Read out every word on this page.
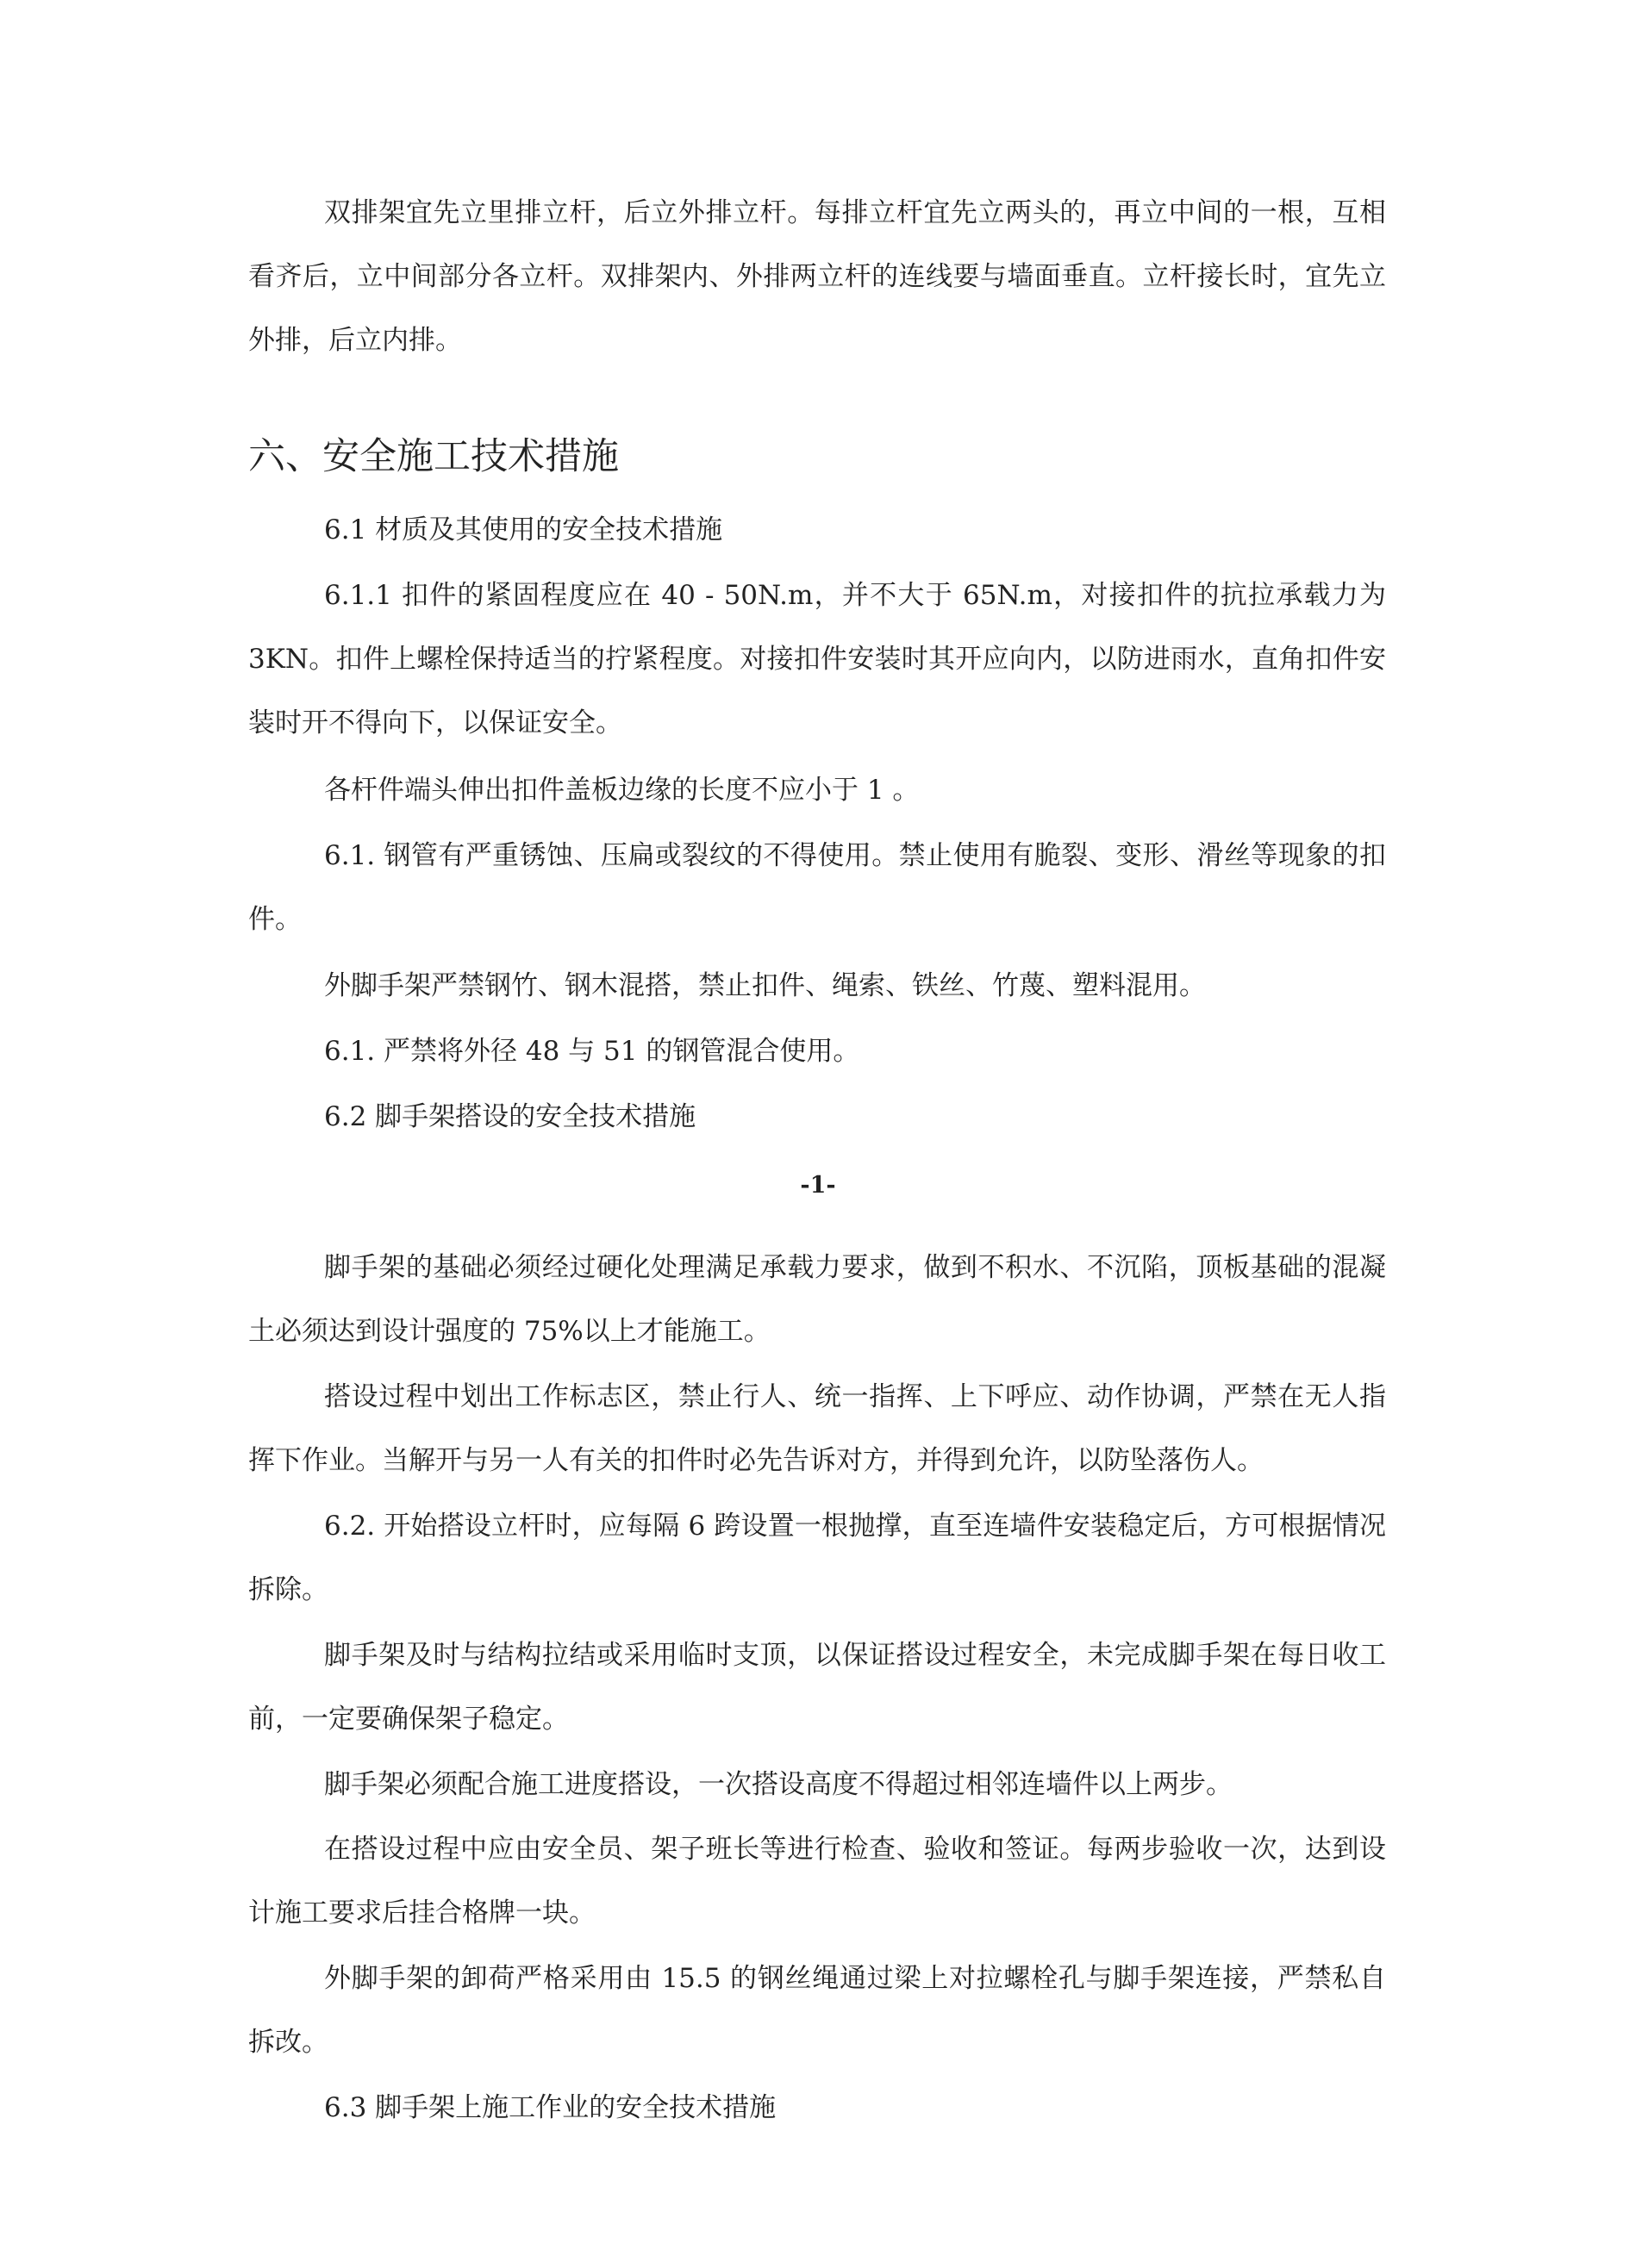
双排架宜先立里排立杆，后立外排立杆。每排立杆宜先立两头的，再立中间的一根，互相看齐后，立中间部分各立杆。双排架内、外排两立杆的连线要与墙面垂直。立杆接长时，宜先立外排，后立内排。

六、安全施工技术措施

6.1 材质及其使用的安全技术措施

6.1.1 扣件的紧固程度应在 40 - 50N.m，并不大于 65N.m，对接扣件的抗拉承载力为 3KN。扣件上螺栓保持适当的拧紧程度。对接扣件安装时其开应向内，以防进雨水，直角扣件安装时开不得向下，以保证安全。

各杆件端头伸出扣件盖板边缘的长度不应小于 1 。

6.1. 钢管有严重锈蚀、压扁或裂纹的不得使用。禁止使用有脆裂、变形、滑丝等现象的扣件。

外脚手架严禁钢竹、钢木混搭，禁止扣件、绳索、铁丝、竹蔑、塑料混用。

6.1. 严禁将外径 48 与 51 的钢管混合使用。

6.2 脚手架搭设的安全技术措施

-1-

脚手架的基础必须经过硬化处理满足承载力要求，做到不积水、不沉陷，顶板基础的混凝土必须达到设计强度的 75%以上才能施工。

搭设过程中划出工作标志区，禁止行人、统一指挥、上下呼应、动作协调，严禁在无人指挥下作业。当解开与另一人有关的扣件时必先告诉对方，并得到允许，以防坠落伤人。

6.2. 开始搭设立杆时，应每隔 6 跨设置一根抛撑，直至连墙件安装稳定后，方可根据情况拆除。

脚手架及时与结构拉结或采用临时支顶，以保证搭设过程安全，未完成脚手架在每日收工前，一定要确保架子稳定。

脚手架必须配合施工进度搭设，一次搭设高度不得超过相邻连墙件以上两步。

在搭设过程中应由安全员、架子班长等进行检查、验收和签证。每两步验收一次，达到设计施工要求后挂合格牌一块。

外脚手架的卸荷严格采用由 15.5 的钢丝绳通过梁上对拉螺栓孔与脚手架连接，严禁私自拆改。

6.3 脚手架上施工作业的安全技术措施
